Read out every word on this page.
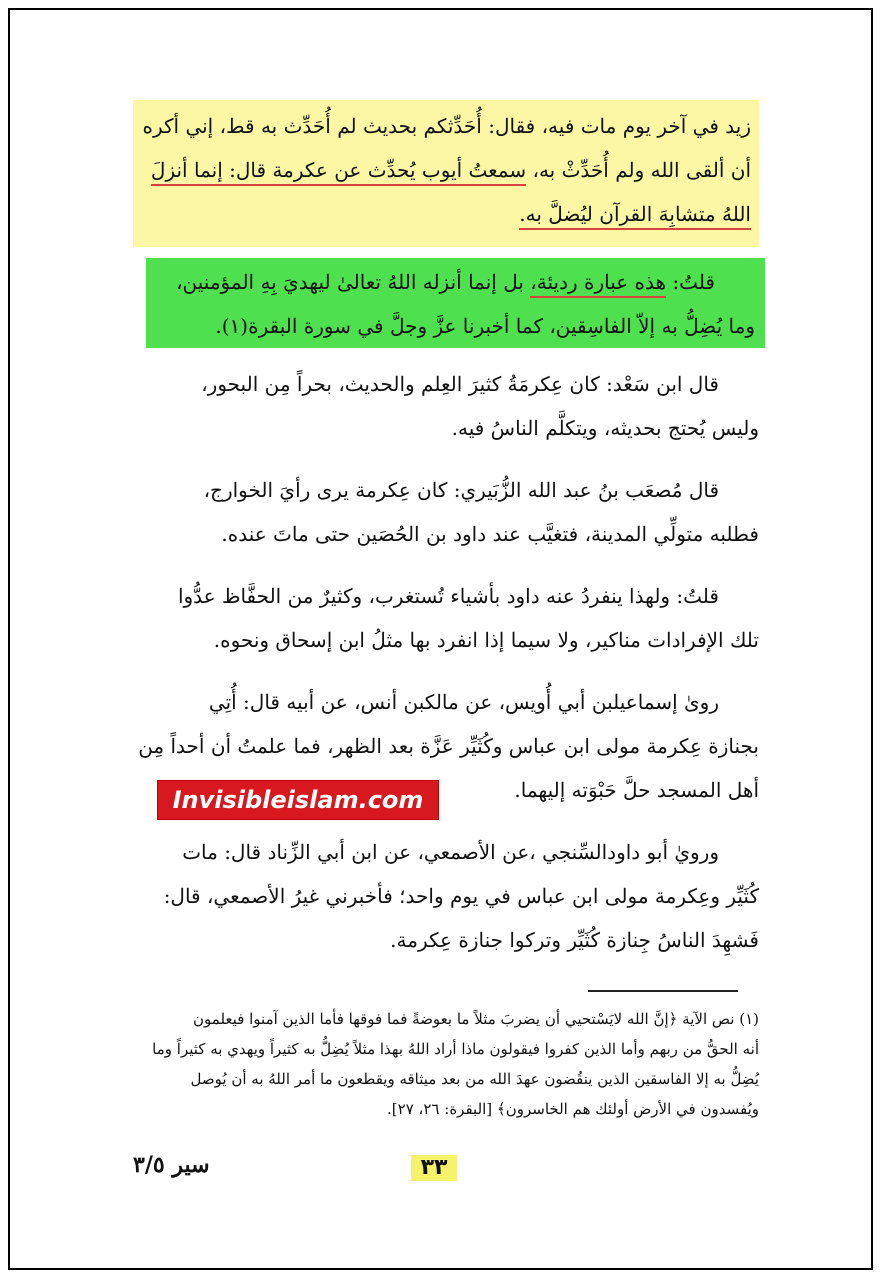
زيد في آخر يوم مات فيه، فقال: أُحَدِّثكم بحديث لم أُحَدِّث به قط، إني أكره
أن ألقى الله ولم أُحَدِّثْ به، سمعتُ أيوب يُحدِّث عن عكرمة قال: إنما أنزلَ
اللهُ متشابِهَ القرآن ليُضلَّ به.
قلتُ: هذه عبارة رديئة، بل إنما أنزله اللهُ تعالىٰ ليهديَ بِهِ المؤمنين،
وما يُضِلُّ به إلاّ الفاسِقين، كما أخبرنا عزَّ وجلَّ في سورة البقرة(١).
قال ابن سَعْد: كان عِكرمَةُ كثيرَ العِلم والحديث، بحراً مِن البحور،
وليس يُحتج بحديثه، ويتكلَّم الناسُ فيه.
قال مُصعَب بنُ عبد الله الزُّبَيري: كان عِكرمة يرى رأيَ الخوارج،
فطلبه متولِّي المدينة، فتغيَّب عند داود بن الحُصَين حتى ماتَ عنده.
قلتُ: ولهذا ينفردُ عنه داود بأشياء تُستغرب، وكثيرٌ من الحفَّاظ عدُّوا
تلك الإفرادات مناكير، ولا سيما إذا انفرد بها مثلُ ابن إسحاق ونحوه.
روىٰ إسماعيلبن أبي أُويس، عن مالكبن أنس، عن أبيه قال: أُتِي
بجنازة عِكرمة مولى ابن عباس وكُثَيِّر عَزَّة بعد الظهر، فما علمتُ أن أحداً مِن
أهل المسجد حلَّ حَبْوَته إليهما.
ورويٰ أبو داودالسِّنجي ،عن الأصمعي، عن ابن أبي الزِّناد قال: مات
كُثَيِّر وعِكرمة مولى ابن عباس في يوم واحد؛ فأخبرني غيرُ الأصمعي، قال:
فَشهِدَ الناسُ جِنازة كُثَيِّر وتركوا جنازة عِكرمة.
Invisibleislam.com

(١) نص الآية ﴿إنَّ الله لايَسْتحيي أن يضربَ مثلاً ما بعوضةً فما فوقها فأما الذين آمنوا فيعلمون

أنه الحقُّ من ربهم وأما الذين كفروا فيقولون ماذا أراد اللهُ بهذا مثلاً يُضِلُّ به كثيراً ويهدي به كثيراً وما

يُضِلُّ به إلا الفاسقين الذين ينقُضون عهدَ الله من بعد ميثاقه ويقطعون ما أمر اللهُ به أن يُوصل

ويُفسدون في الأرض أولئك هم الخاسرون﴾ [البقرة: ٢٦، ٢٧].

٣٣
سير ٣/٥
